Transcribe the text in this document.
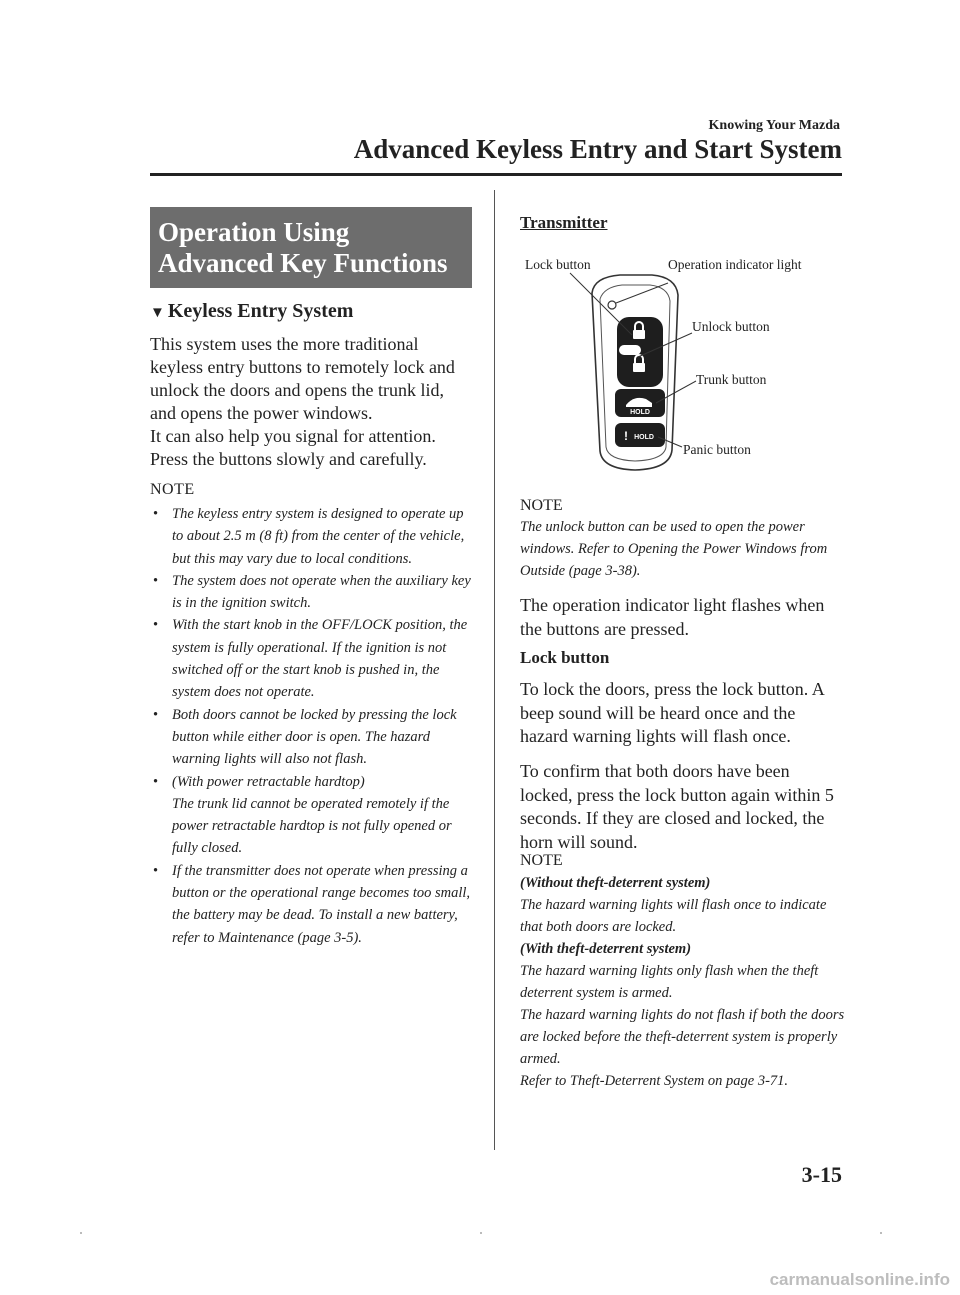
Knowing Your Mazda
Advanced Keyless Entry and Start System
Operation Using Advanced Key Functions
▼ Keyless Entry System

This system uses the more traditional keyless entry buttons to remotely lock and unlock the doors and opens the trunk lid, and opens the power windows.

It can also help you signal for attention.

Press the buttons slowly and carefully.

NOTE
• The keyless entry system is designed to operate up to about 2.5 m (8 ft) from the center of the vehicle, but this may vary due to local conditions.
• The system does not operate when the auxiliary key is in the ignition switch.
• With the start knob in the OFF/LOCK position, the system is fully operational. If the ignition is not switched off or the start knob is pushed in, the system does not operate.
• Both doors cannot be locked by pressing the lock button while either door is open. The hazard warning lights will also not flash.
• (With power retractable hardtop)
The trunk lid cannot be operated remotely if the power retractable hardtop is not fully opened or fully closed.
• If the transmitter does not operate when pressing a button or the operational range becomes too small, the battery may be dead. To install a new battery, refer to Maintenance (page 3-5).
Transmitter
HOLD
! HOLD
Lock button	Operation indicator light
Unlock button
Trunk button
Panic button
NOTE
The unlock button can be used to open the power windows. Refer to Opening the Power Windows from Outside (page 3-38).

The operation indicator light flashes when the buttons are pressed.

Lock button

To lock the doors, press the lock button. A beep sound will be heard once and the hazard warning lights will flash once.

To confirm that both doors have been locked, press the lock button again within 5 seconds. If they are closed and locked, the horn will sound.

NOTE
(Without theft-deterrent system)
The hazard warning lights will flash once to indicate that both doors are locked.
(With theft-deterrent system)
The hazard warning lights only flash when the theft deterrent system is armed.
The hazard warning lights do not flash if both the doors are locked before the theft-deterrent system is properly armed.
Refer to Theft-Deterrent System on page 3-71.
3-15
carmanualsonline.info
